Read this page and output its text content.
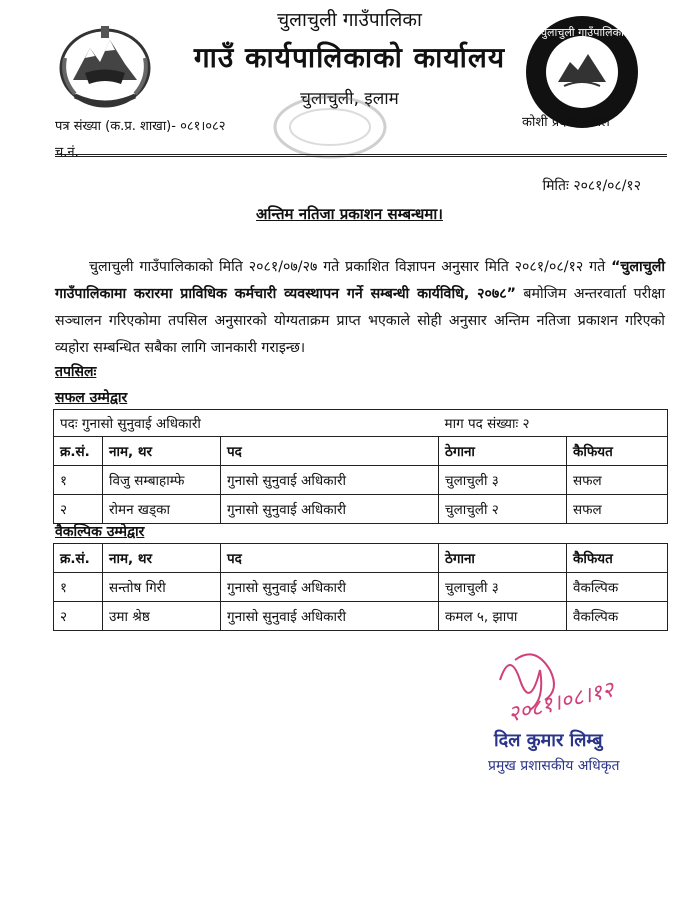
चुलाचुली गाउँपालिका
गाउँ कार्यपालिकाको कार्यालय
चुलाचुली, इलाम
चुलाचुली गाउँपालिका
कोशी प्रदेश, नेपाल
पत्र संख्या (क.प्र. शाखा)- ०८१।०८२
च.नं.
मितिः २०८१/०८/१२
अन्तिम नतिजा प्रकाशन सम्बन्धमा।
चुलाचुली गाउँपालिकाको मिति २०८१/०७/२७ गते प्रकाशित विज्ञापन अनुसार मिति २०८१/०८/१२ गते “चुलाचुली गाउँपालिकामा करारमा प्राविधिक कर्मचारी व्यवस्थापन गर्ने सम्बन्धी कार्यविधि, २०७८” बमोजिम अन्तरवार्ता परीक्षा सञ्चालन गरिएकोमा तपसिल अनुसारको योग्यताक्रम प्राप्त भएकाले सोही अनुसार अन्तिम नतिजा प्रकाशन गरिएको व्यहोरा सम्बन्धित सबैका लागि जानकारी गराइन्छ।
तपसिलः
सफल उम्मेद्वार
पदः गुनासो सुनुवाई अधिकारी			माग पद संख्याः २	
क्र.सं.	नाम, थर	पद	ठेगाना	कैफियत
१	विजु सम्बाहाम्फे	गुनासो सुनुवाई अधिकारी	चुलाचुली ३	सफल
२	रोमन खड्का	गुनासो सुनुवाई अधिकारी	चुलाचुली २	सफल
वैकल्पिक उम्मेद्वार
क्र.सं.	नाम, थर	पद	ठेगाना	कैफियत
१	सन्तोष गिरी	गुनासो सुनुवाई अधिकारी	चुलाचुली ३	वैकल्पिक
२	उमा श्रेष्ठ	गुनासो सुनुवाई अधिकारी	कमल ५, झापा	वैकल्पिक
२०८१।०८।१२
दिल कुमार लिम्बु
प्रमुख प्रशासकीय अधिकृत
